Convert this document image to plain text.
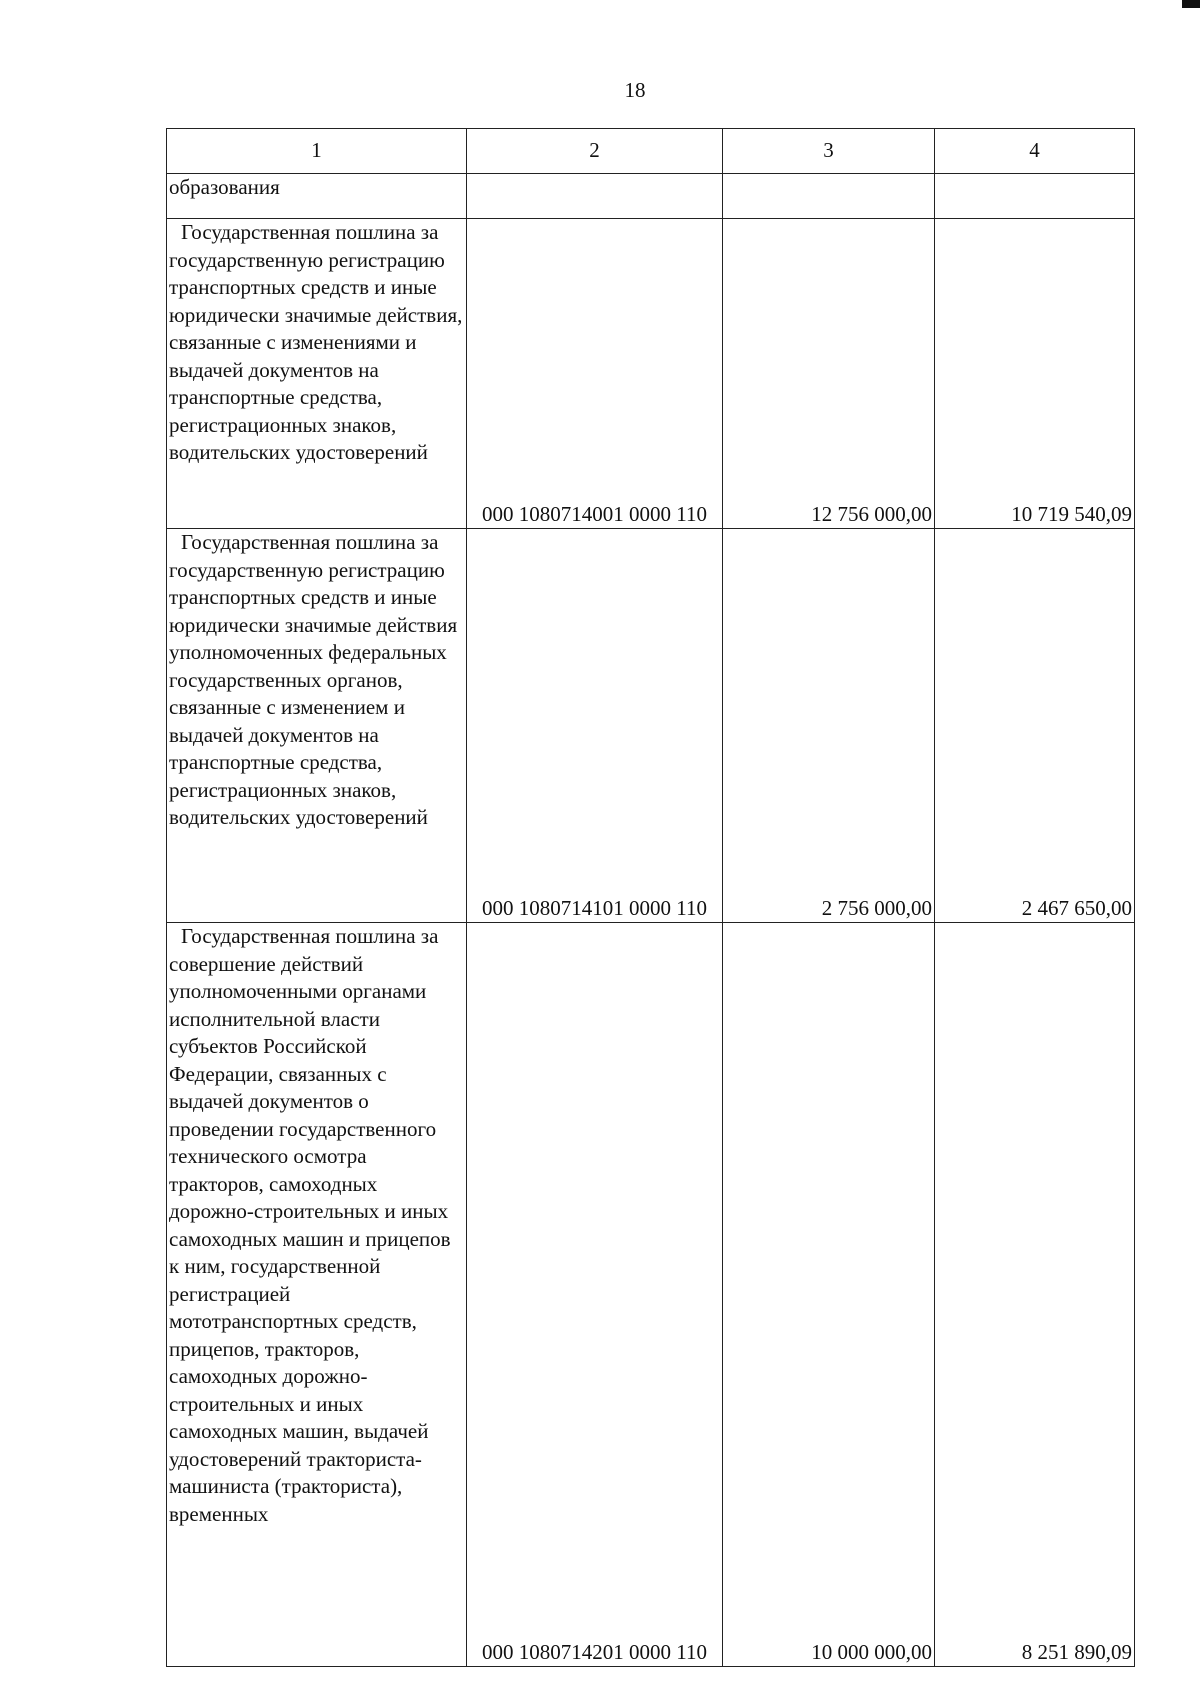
18
1	2	3	4
образования			

Государственная пошлина за государственную регистрацию транспортных средств и иные юридически значимые действия, связанные с изменениями и выдачей документов на транспортные средства, регистрационных знаков, водительских удостоверений	000 1080714001 0000 110	12 756 000,00	10 719 540,09

Государственная пошлина за государственную регистрацию транспортных средств и иные юридически значимые действия уполномоченных федеральных государственных органов, связанные с изменением и выдачей документов на транспортные средства, регистрационных знаков, водительских удостоверений	000 1080714101 0000 110	2 756 000,00	2 467 650,00

Государственная пошлина за совершение действий уполномоченными органами исполнительной власти субъектов Российской Федерации, связанных с выдачей документов о проведении государственного технического осмотра тракторов, самоходных дорожно-строительных и иных самоходных машин и прицепов к ним, государственной регистрацией мототранспортных средств, прицепов, тракторов, самоходных дорожно-строительных и иных самоходных машин, выдачей удостоверений тракториста-машиниста (тракториста), временных	000 1080714201 0000 110	10 000 000,00	8 251 890,09
